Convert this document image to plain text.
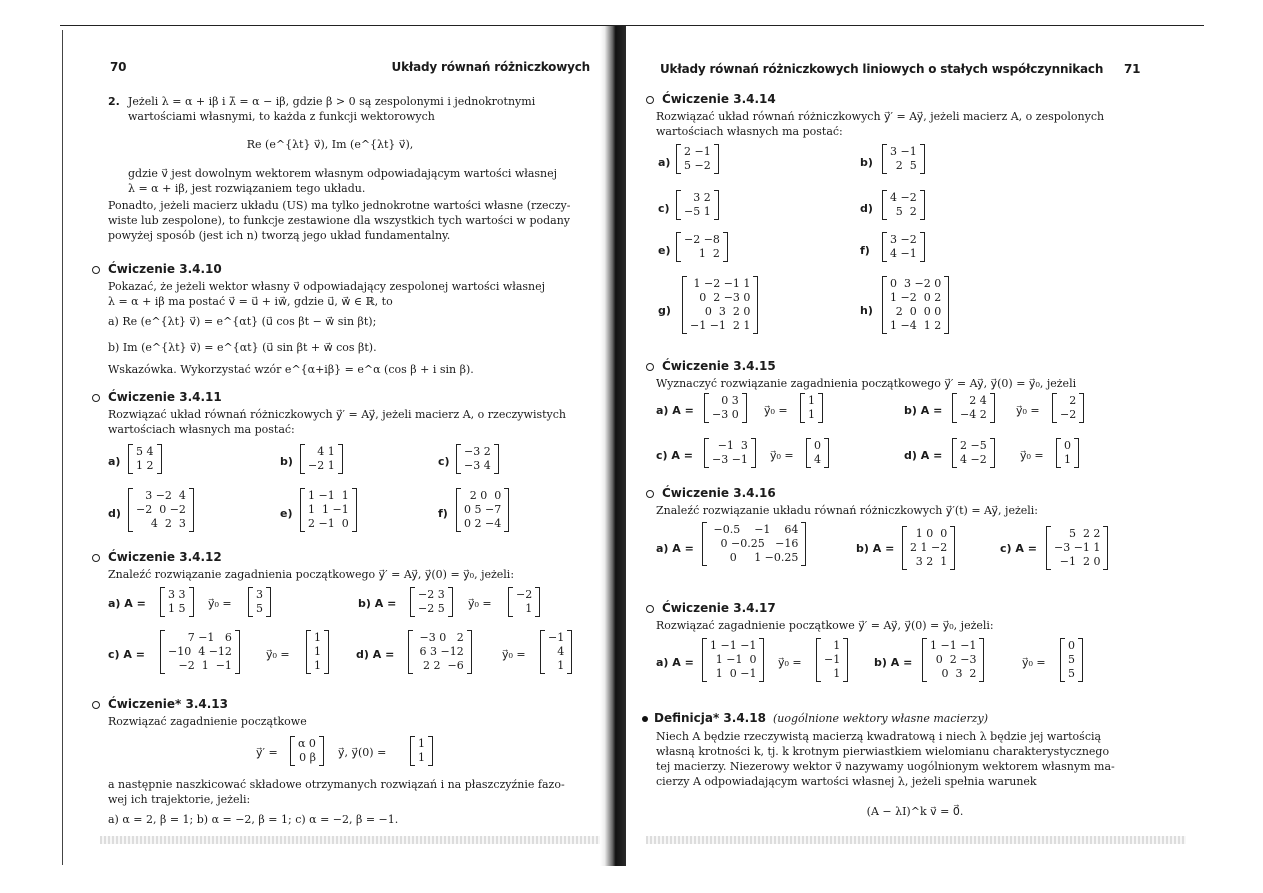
70	Układy równań różniczkowych
2. Jeżeli λ = α + iβ i λ̄ = α − iβ, gdzie β > 0 są zespolonymi i jednokrotnymi
wartościami własnymi, to każda z funkcji wektorowych
Re (e^{λt} v⃗), Im (e^{λt} v⃗),
gdzie v⃗ jest dowolnym wektorem własnym odpowiadającym wartości własnej
λ = α + iβ, jest rozwiązaniem tego układu.
Ponadto, jeżeli macierz układu (US) ma tylko jednokrotne wartości własne (rzeczy-
wiste lub zespolone), to funkcje zestawione dla wszystkich tych wartości w podany
powyżej sposób (jest ich n) tworzą jego układ fundamentalny.
Ćwiczenie 3.4.10
Pokazać, że jeżeli wektor własny v⃗ odpowiadający zespolonej wartości własnej
λ = α + iβ ma postać v⃗ = u⃗ + iw⃗, gdzie u⃗, w⃗ ∈ ℝ, to
a) Re (e^{λt} v⃗) = e^{αt} (u⃗ cos βt − w⃗ sin βt);
b) Im (e^{λt} v⃗) = e^{αt} (u⃗ sin βt + w⃗ cos βt).
Wskazówka. Wykorzystać wzór e^{α+iβ} = e^α (cos β + i sin β).
Ćwiczenie 3.4.11
Rozwiązać układ równań różniczkowych y⃗′ = Ay⃗, jeżeli macierz A, o rzeczywistych
wartościach własnych ma postać:
a)
5 4
1 2	b)
4 1
−2 1	c)
−3 2
−3 4
d)
3 −2  4
−2  0 −2
4  2  3
e)
1 −1  1
1  1 −1
2 −1  0
f)
2 0  0
0 5 −7
0 2 −4
Ćwiczenie 3.4.12
Znaleźć rozwiązanie zagadnienia początkowego y⃗′ = Ay⃗, y⃗(0) = y⃗₀, jeżeli:
a) A =
3 3
1 5	y⃗₀ =
3
5	b) A =
−2 3
−2 5	y⃗₀ =
−2
1
c) A =
7 −1   6
−10  4 −12
−2  1  −1
y⃗₀ =
1
1
1
d) A =
−3 0   2
6 3 −12
2 2  −6
y⃗₀ =
−1
4
1
Ćwiczenie* 3.4.13
Rozwiązać zagadnienie początkowe
y⃗′ =
α 0
0 β	y⃗, y⃗(0) =
1
1
a następnie naszkicować składowe otrzymanych rozwiązań i na płaszczyźnie fazo-
wej ich trajektorie, jeżeli:
a) α = 2, β = 1; b) α = −2, β = 1; c) α = −2, β = −1.
Układy równań różniczkowych liniowych o stałych współczynnikach 71
Ćwiczenie 3.4.14
Rozwiązać układ równań różniczkowych y⃗′ = Ay⃗, jeżeli macierz A, o zespolonych
wartościach własnych ma postać:
a)
2 −1
5 −2	b)
3 −1
2  5
c)
3 2
−5 1	d)
4 −2
5  2
e)
−2 −8
1  2	f)
3 −2
4 −1
g)
1 −2 −1 1
0  2 −3 0
0  3  2 0
−1 −1  2 1
h)
0  3 −2 0
1 −2  0 2
2  0  0 0
1 −4  1 2
Ćwiczenie 3.4.15
Wyznaczyć rozwiązanie zagadnienia początkowego y⃗′ = Ay⃗, y⃗(0) = y⃗₀, jeżeli
a) A =
0 3
−3 0	y⃗₀ =
1
1	b) A =
2 4
−4 2	y⃗₀ =
2
−2
c) A =
−1  3
−3 −1	y⃗₀ =
0
4	d) A =
2 −5
4 −2	y⃗₀ =
0
1
Ćwiczenie 3.4.16
Znaleźć rozwiązanie układu równań różniczkowych y⃗′(t) = Ay⃗, jeżeli:
a) A =
−0.5    −1    64
0 −0.25   −16
0     1 −0.25
b) A =
1 0  0
2 1 −2
3 2  1
c) A =
5  2 2
−3 −1 1
−1  2 0
Ćwiczenie 3.4.17
Rozwiązać zagadnienie początkowe y⃗′ = Ay⃗, y⃗(0) = y⃗₀, jeżeli:
a) A =
1 −1 −1
1 −1  0
1  0 −1
y⃗₀ =
1
−1
1
b) A =
1 −1 −1
0  2 −3
0  3  2
y⃗₀ =
0
5
5
Definicja* 3.4.18
(uogólnione wektory własne macierzy)
Niech A będzie rzeczywistą macierzą kwadratową i niech λ będzie jej wartością
własną krotności k, tj. k krotnym pierwiastkiem wielomianu charakterystycznego
tej macierzy. Niezerowy wektor v⃗ nazywamy uogólnionym wektorem własnym ma-
cierzy A odpowiadającym wartości własnej λ, jeżeli spełnia warunek
(A − λI)^k v⃗ = 0⃗.
